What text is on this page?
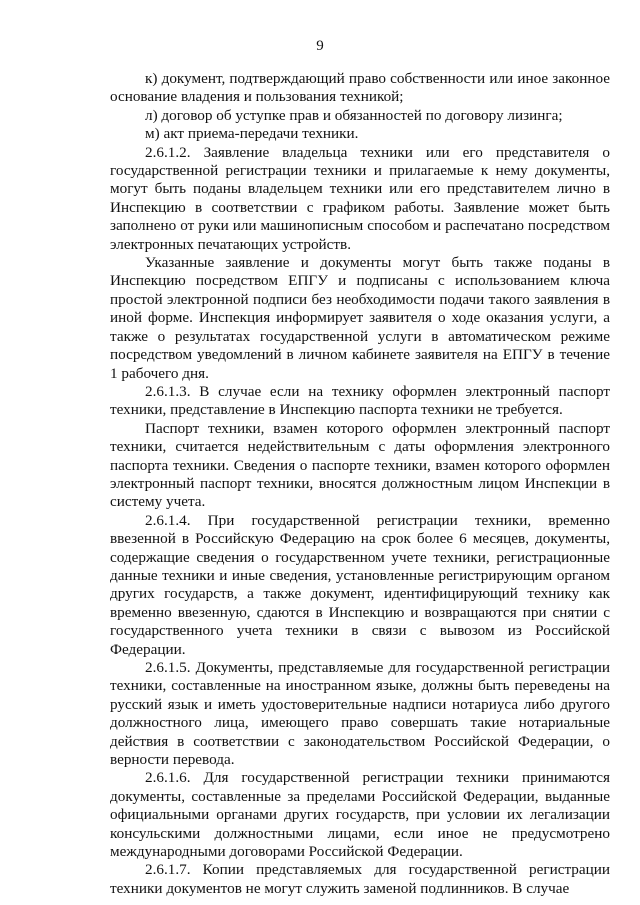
9

к) документ, подтверждающий право собственности или иное законное основание владения и пользования техникой;

л) договор об уступке прав и обязанностей по договору лизинга;

м) акт приема-передачи техники.

2.6.1.2. Заявление владельца техники или его представителя о государственной регистрации техники и прилагаемые к нему документы, могут быть поданы владельцем техники или его представителем лично в Инспекцию в соответствии с графиком работы. Заявление может быть заполнено от руки или машинописным способом и распечатано посредством электронных печатающих устройств.

Указанные заявление и документы могут быть также поданы в Инспекцию посредством ЕПГУ и подписаны с использованием ключа простой электронной подписи без необходимости подачи такого заявления в иной форме. Инспекция информирует заявителя о ходе оказания услуги, а также о результатах государственной услуги в автоматическом режиме посредством уведомлений в личном кабинете заявителя на ЕПГУ в течение 1 рабочего дня.

2.6.1.3. В случае если на технику оформлен электронный паспорт техники, представление в Инспекцию паспорта техники не требуется.

Паспорт техники, взамен которого оформлен электронный паспорт техники, считается недействительным с даты оформления электронного паспорта техники. Сведения о паспорте техники, взамен которого оформлен электронный паспорт техники, вносятся должностным лицом Инспекции в систему учета.

2.6.1.4. При государственной регистрации техники, временно ввезенной в Российскую Федерацию на срок более 6 месяцев, документы, содержащие сведения о государственном учете техники, регистрационные данные техники и иные сведения, установленные регистрирующим органом других государств, а также документ, идентифицирующий технику как временно ввезенную, сдаются в Инспекцию и возвращаются при снятии с государственного учета техники в связи с вывозом из Российской Федерации.

2.6.1.5. Документы, представляемые для государственной регистрации техники, составленные на иностранном языке, должны быть переведены на русский язык и иметь удостоверительные надписи нотариуса либо другого должностного лица, имеющего право совершать такие нотариальные действия в соответствии с законодательством Российской Федерации, о верности перевода.

2.6.1.6. Для государственной регистрации техники принимаются документы, составленные за пределами Российской Федерации, выданные официальными органами других государств, при условии их легализации консульскими должностными лицами, если иное не предусмотрено международными договорами Российской Федерации.

2.6.1.7. Копии представляемых для государственной регистрации техники документов не могут служить заменой подлинников. В случае
